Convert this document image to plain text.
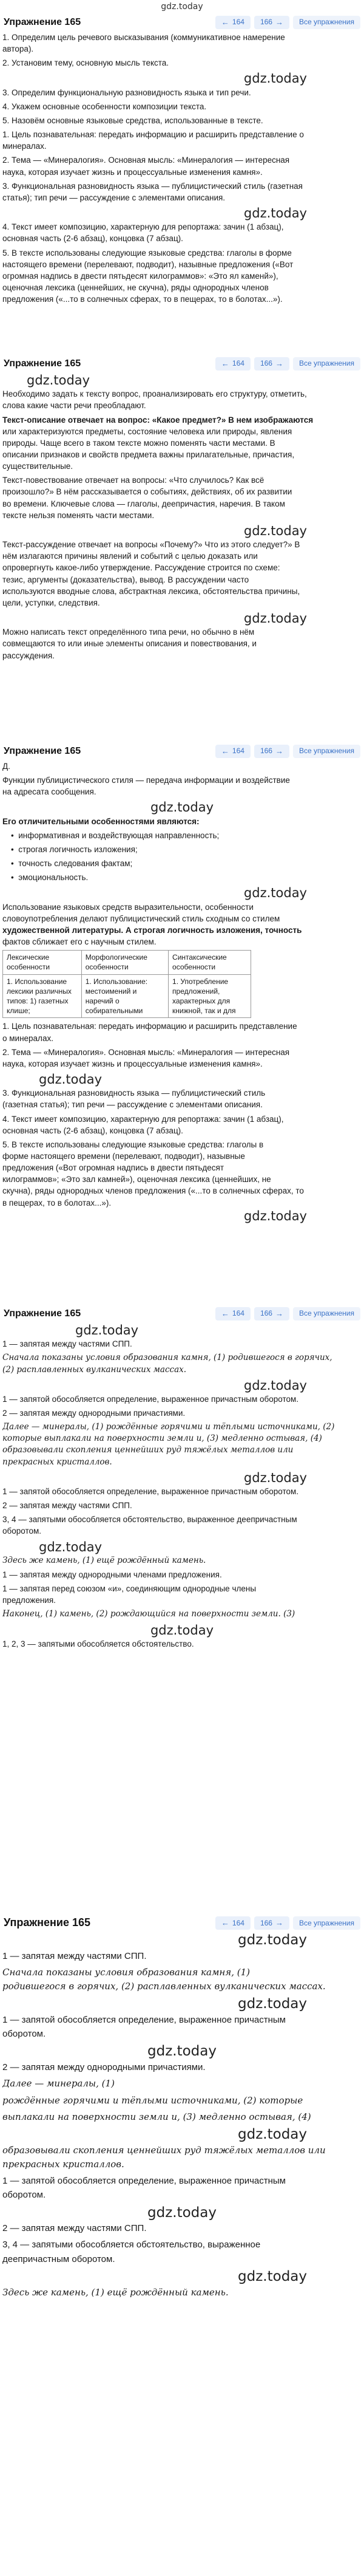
gdz.today
Упражнение 165	← 164 166 →	Все упражнения
1. Определим цель речевого высказывания (коммуникативное намерение
автора).
2. Установим тему, основную мысль текста.
gdz.today
3. Определим функциональную разновидность языка и тип речи.
4. Укажем основные особенности композиции текста.
5. Назовём основные языковые средства, использованные в тексте.
1. Цель познавательная: передать информацию и расширить представление о
минералах.
2. Тема — «Минералогия». Основная мысль: «Минералогия — интересная
наука, которая изучает жизнь и процессуальные изменения камня».
3. Функциональная разновидность языка — публицистический стиль (газетная
статья); тип речи — рассуждение с элементами описания.
gdz.today
4. Текст имеет композицию, характерную для репортажа: зачин (1 абзац),
основная часть (2-6 абзац), концовка (7 абзац).
5. В тексте использованы следующие языковые средства: глаголы в форме
настоящего времени (перелевают, подводит), назывные предложения («Вот
огромная надпись в двести пятьдесят килограммов»: «Это ял каменй»),
оценочная лексика (ценнейших, не скучна), ряды однородных членов
предложения («...то в солнечных сферах, то в пещерах, то в болотах...»).
Упражнение 165	← 164 166 →	Все упражнения
gdz.today
Необходимо задать к тексту вопрос, проанализировать его структуру, отметить,
слова какие части речи преобладают.
Текст-описание отвечает на вопрос: «Какое предмет?» В нем изображаются
или характеризуются предметы, состояние человека или природы, явления
природы. Чаще всего в таком тексте можно поменять части местами. В
описании признаков и свойств предмета важны прилагательные, причастия,
существительные.
Текст-повествование отвечает на вопросы: «Что случилось? Как всё
произошло?» В нём рассказывается о событиях, действиях, об их развитии
во времени. Ключевые слова — глаголы, деепричастия, наречия. В таком
тексте нельзя поменять части местами.
gdz.today
Текст-рассуждение отвечает на вопросы «Почему?» Что из этого следует?» В
нём излагаются причины явлений и событий с целью доказать или
опровергнуть какое-либо утверждение. Рассуждение строится по схеме:
тезис, аргументы (доказательства), вывод. В рассуждении часто
используются вводные слова, абстрактная лексика, обстоятельства причины,
цели, уступки, следствия.
gdz.today
Можно написать текст определённого типа речи, но обычно в нём
совмещаются то или иные элементы описания и повествования, и
рассуждения.
Упражнение 165	← 164 166 →	Все упражнения
Д.
Функции публицистического стиля — передача информации и воздействие
на адресата сообщения.
gdz.today
Его отличительными особенностями являются:
•  информативная и воздействующая направленность;
•  строгая логичность изложения;
•  точность следования фактам;
•  эмоциональность.
gdz.today
Использование языковых средств выразительности, особенности
словоупотребления делают публицистический стиль сходным со стилем
художественной литературы. А строгая логичность изложения, точность
фактов сближает его с научным стилем.
Лексические особенности	Морфологические особенности	Синтаксические особенности
1. Использование лексики различных типов: 1) газетных клише;	1. Использование: местоимений и наречий о собирательными	1. Употребление предложений, характерных для книжной, так и для
1. Цель познавательная: передать информацию и расширить представление
о минералах.
2. Тема — «Минералогия». Основная мысль: «Минералогия — интересная
наука, которая изучает жизнь и процессуальные изменения камня».
gdz.today
3. Функциональная разновидность языка — публицистический стиль
(газетная статья); тип речи — рассуждение с элементами описания.
4. Текст имеет композицию, характерную для репортажа: зачин (1 абзац),
основная часть (2-6 абзац), концовка (7 абзац).
5. В тексте использованы следующие языковые средства: глаголы в
форме настоящего времени (перелевают, подводит), назывные
предложения («Вот огромная надпись в двести пятьдесят
килограммов»; «Это зал камней»), оценочная лексика (ценнейших, не
скучна), ряды однородных членов предложения («...то в солнечных сферах, то
в пещерах, то в болотах...»).
gdz.today
Упражнение 165	← 164 166 →	Все упражнения
gdz.today
1 — запятая между частями СПП.
Сначала показаны условия образования камня, (1) родившегося в горячих,
(2) расплавленных вулканических массах.
gdz.today
1 — запятой обособляется определение, выраженное причастным оборотом.
2 — запятая между однородными причастиями.
Далее — минералы, (1) рождённые горячими и тёплыми источниками, (2)
которые выплакали на поверхности земли и, (3) медленно остывая, (4)
образовывали скопления ценнейших руд тяжёлых металлов или
прекрасных кристаллов.
gdz.today
1 — запятой обособляется определение, выраженное причастным оборотом.
2 — запятая между частями СПП.
3, 4 — запятыми обособляется обстоятельство, выраженное деепричастным
оборотом.
gdz.today
Здесь же камень, (1) ещё рождённый камень.
1 — запятая между однородными членами предложения.
1 — запятая перед союзом «и», соединяющим однородные члены
предложения.
Наконец, (1) камень, (2) рождающийся на поверхности земли. (3)
gdz.today
1, 2, 3 — запятыми обособляется обстоятельство.
Упражнение 165	← 164 166 →	Все упражнения
gdz.today
1 — запятая между частями СПП.
Сначала показаны условия образования камня, (1)
родившегося в горячих, (2) расплавленных вулканических массах.
gdz.today
1 — запятой обособляется определение, выраженное причастным
оборотом.
gdz.today
2 — запятая между однородными причастиями.
Далее — минералы, (1)
рождённые горячими и тёплыми источниками, (2) которые
выплакали на поверхности земли и, (3) медленно остывая, (4)
gdz.today
образовывали скопления ценнейших руд тяжёлых металлов или
прекрасных кристаллов.
1 — запятой обособляется определение, выраженное причастным
оборотом.
gdz.today
2 — запятая между частями СПП.
3, 4 — запятыми обособляется обстоятельство, выраженное
деепричастным оборотом.
gdz.today
Здесь же камень, (1) ещё рождённый камень.
